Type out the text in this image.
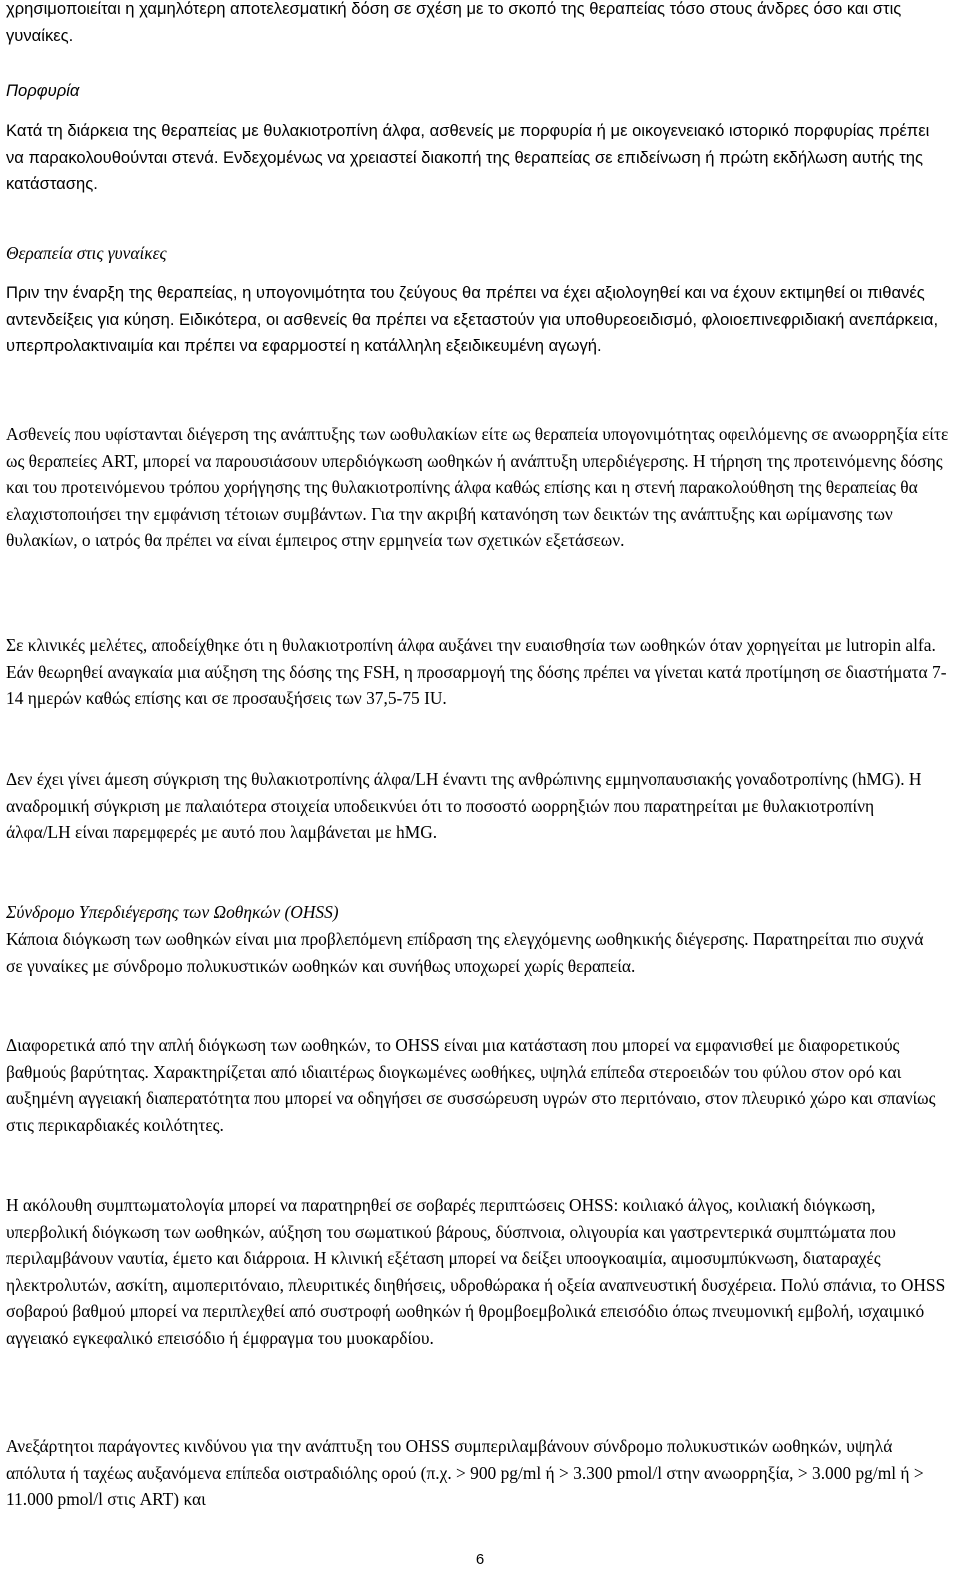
χρησιμοποιείται η χαμηλότερη αποτελεσματική δόση σε σχέση με το σκοπό της θεραπείας τόσο στους άνδρες όσο και στις γυναίκες.

Πορφυρία

Κατά τη διάρκεια της θεραπείας με θυλακιοτροπίνη άλφα, ασθενείς με πορφυρία ή με οικογενειακό ιστορικό πορφυρίας πρέπει να παρακολουθούνται στενά. Ενδεχομένως να χρειαστεί διακοπή της θεραπείας σε επιδείνωση ή πρώτη εκδήλωση αυτής της κατάστασης.

Θεραπεία στις γυναίκες

Πριν την έναρξη της θεραπείας, η υπογονιμότητα του ζεύγους θα πρέπει να έχει αξιολογηθεί και να έχουν εκτιμηθεί οι πιθανές αντενδείξεις για κύηση. Ειδικότερα, οι ασθενείς θα πρέπει να εξεταστούν για υποθυρεοειδισμό, φλοιοεπινεφριδιακή ανεπάρκεια, υπερπρολακτιναιμία και πρέπει να εφαρμοστεί η κατάλληλη εξειδικευμένη αγωγή.

Ασθενείς που υφίστανται διέγερση της ανάπτυξης των ωοθυλακίων είτε ως θεραπεία υπογονιμότητας οφειλόμενης σε ανωορρηξία είτε ως θεραπείες ART, μπορεί να παρουσιάσουν υπερδιόγκωση ωοθηκών ή ανάπτυξη υπερδιέγερσης. Η τήρηση της προτεινόμενης δόσης και του προτεινόμενου τρόπου χορήγησης της θυλακιοτροπίνης άλφα καθώς επίσης και η στενή παρακολούθηση της θεραπείας θα ελαχιστοποιήσει την εμφάνιση τέτοιων συμβάντων. Για την ακριβή κατανόηση των δεικτών της ανάπτυξης και ωρίμανσης των θυλακίων, ο ιατρός θα πρέπει να είναι έμπειρος στην ερμηνεία των σχετικών εξετάσεων.

Σε κλινικές μελέτες, αποδείχθηκε ότι η θυλακιοτροπίνη άλφα αυξάνει την ευαισθησία των ωοθηκών όταν χορηγείται με lutropin alfa. Εάν θεωρηθεί αναγκαία μια αύξηση της δόσης της FSH, η προσαρμογή της δόσης πρέπει να γίνεται κατά προτίμηση σε διαστήματα 7-14 ημερών καθώς επίσης και σε προσαυξήσεις των 37,5-75 IU.

Δεν έχει γίνει άμεση σύγκριση της θυλακιοτροπίνης άλφα/LH έναντι της ανθρώπινης εμμηνοπαυσιακής γοναδοτροπίνης (hMG). Η αναδρομική σύγκριση με παλαιότερα στοιχεία υποδεικνύει ότι το ποσοστό ωορρηξιών που παρατηρείται με θυλακιοτροπίνη άλφα/LH είναι παρεμφερές με αυτό που λαμβάνεται με hMG.

Σύνδρομο Υπερδιέγερσης των Ωοθηκών (OHSS)

Κάποια διόγκωση των ωοθηκών είναι μια προβλεπόμενη επίδραση της ελεγχόμενης ωοθηκικής διέγερσης. Παρατηρείται πιο συχνά σε γυναίκες με σύνδρομο πολυκυστικών ωοθηκών και συνήθως υποχωρεί χωρίς θεραπεία.

Διαφορετικά από την απλή διόγκωση των ωοθηκών, το OHSS είναι μια κατάσταση που μπορεί να εμφανισθεί με διαφορετικούς βαθμούς βαρύτητας. Χαρακτηρίζεται από ιδιαιτέρως διογκωμένες ωοθήκες, υψηλά επίπεδα στεροειδών του φύλου στον ορό και αυξημένη αγγειακή διαπερατότητα που μπορεί να οδηγήσει σε συσσώρευση υγρών στο περιτόναιο, στον πλευρικό χώρο και σπανίως στις περικαρδιακές κοιλότητες.

Η ακόλουθη συμπτωματολογία μπορεί να παρατηρηθεί σε σοβαρές περιπτώσεις OHSS: κοιλιακό άλγος, κοιλιακή διόγκωση, υπερβολική διόγκωση των ωοθηκών, αύξηση του σωματικού βάρους, δύσπνοια, ολιγουρία και γαστρεντερικά συμπτώματα που περιλαμβάνουν ναυτία, έμετο και διάρροια. Η κλινική εξέταση μπορεί να δείξει υποογκοαιμία, αιμοσυμπύκνωση, διαταραχές ηλεκτρολυτών, ασκίτη, αιμοπεριτόναιο, πλευριτικές διηθήσεις, υδροθώρακα ή οξεία αναπνευστική δυσχέρεια. Πολύ σπάνια, το OHSS σοβαρού βαθμού μπορεί να περιπλεχθεί από συστροφή ωοθηκών ή θρομβοεμβολικά επεισόδιο όπως πνευμονική εμβολή, ισχαιμικό αγγειακό εγκεφαλικό επεισόδιο ή έμφραγμα του μυοκαρδίου.

Ανεξάρτητοι παράγοντες κινδύνου για την ανάπτυξη του OHSS συμπεριλαμβάνουν σύνδρομο πολυκυστικών ωοθηκών, υψηλά απόλυτα ή ταχέως αυξανόμενα επίπεδα οιστραδιόλης ορού (π.χ. > 900 pg/ml ή > 3.300 pmol/l στην ανωορρηξία, > 3.000 pg/ml ή > 11.000 pmol/l στις ART) και

6
